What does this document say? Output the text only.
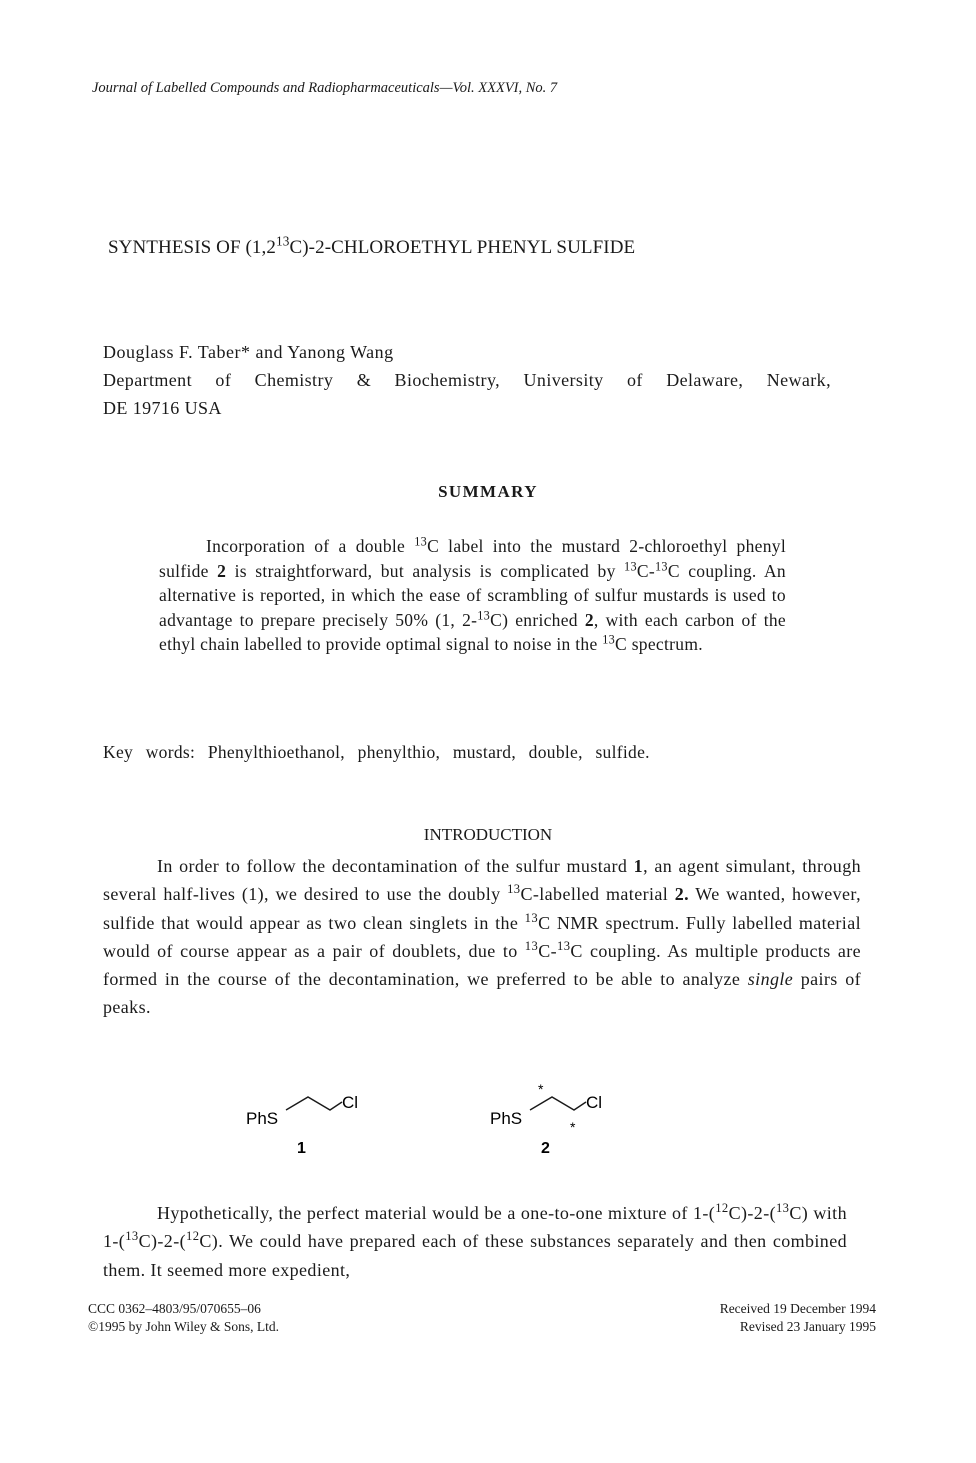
Journal of Labelled Compounds and Radiopharmaceuticals—Vol. XXXVI, No. 7
SYNTHESIS OF $(1,2^{13}C)-2$-CHLOROETHYL PHENYL SULFIDE
Douglass F. Taber* and Yanong Wang
Department of Chemistry & Biochemistry, University of Delaware, Newark,
DE 19716 USA
SUMMARY
Incorporation of a double $^{13}$C label into the mustard 2-chloroethyl phenyl sulfide 2 is straightforward, but analysis is complicated by $^{13}$C-$^{13}$C coupling. An alternative is reported, in which the ease of scrambling of sulfur mustards is used to advantage to prepare precisely 50% (1, 2-$^{13}$C) enriched 2, with each carbon of the ethyl chain labelled to provide optimal signal to noise in the $^{13}$C spectrum.
Key words: Phenylthioethanol, phenylthio, mustard, double, sulfide.
INTRODUCTION
In order to follow the decontamination of the sulfur mustard 1, an agent simulant, through several half-lives (1), we desired to use the doubly $^{13}$C-labelled material 2. We wanted, however, sulfide that would appear as two clean singlets in the $^{13}$C NMR spectrum. Fully labelled material would of course appear as a pair of doublets, due to $^{13}$C-$^{13}$C coupling. As multiple products are formed in the course of the decontamination, we preferred to be able to analyze single pairs of peaks.
PhS
Cl
1
*
PhS
Cl
*
2
Hypothetically, the perfect material would be a one-to-one mixture of 1-($^{12}$C)-2-($^{13}$C) with 1-($^{13}$C)-2-($^{12}$C). We could have prepared each of these substances separately and then combined them. It seemed more expedient,
CCC 0362–4803/95/070655–06
©1995 by John Wiley & Sons, Ltd.
Received 19 December 1994
Revised 23 January 1995
